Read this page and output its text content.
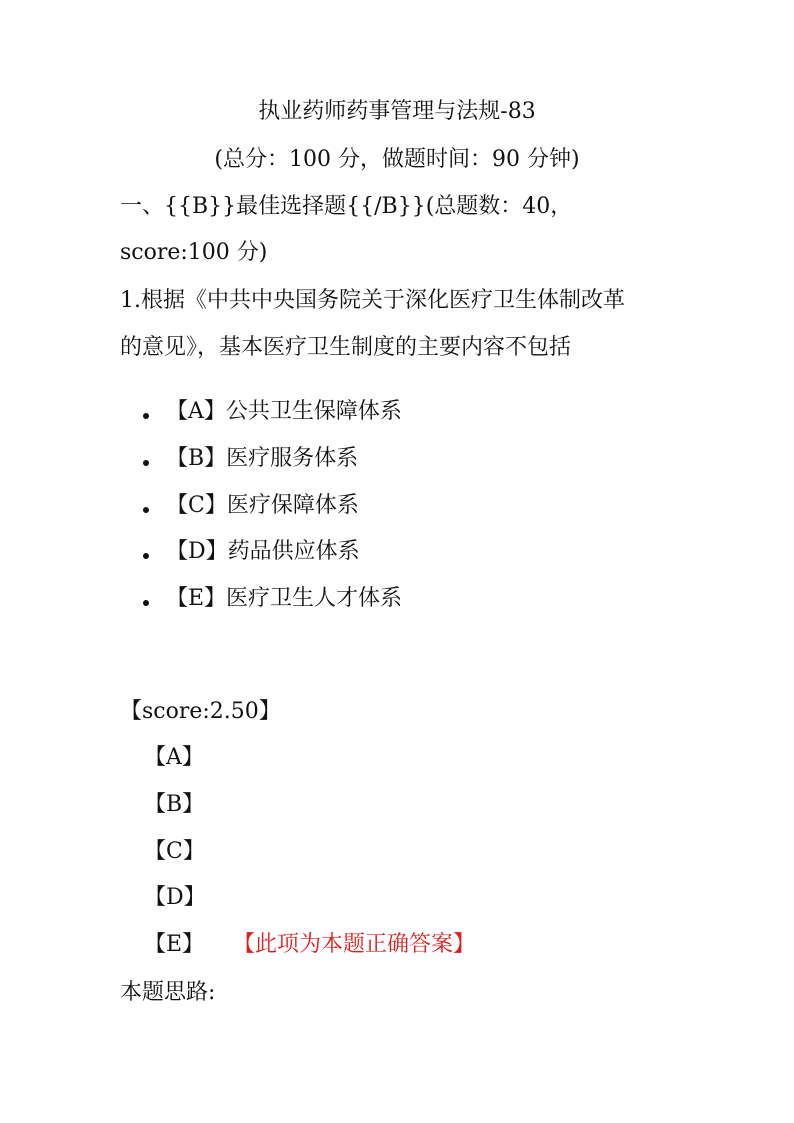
执业药师药事管理与法规-83
(总分：100 分，做题时间：90 分钟)
一、{{B}}最佳选择题{{/B}}(总题数：40，
score:100 分)
1.根据《中共中央国务院关于深化医疗卫生体制改革
的意见》，基本医疗卫生制度的主要内容不包括
【A】公共卫生保障体系
【B】医疗服务体系
【C】医疗保障体系
【D】药品供应体系
【E】医疗卫生人才体系
【score:2.50】
【A】
【B】
【C】
【D】
【E】 【此项为本题正确答案】
本题思路:
